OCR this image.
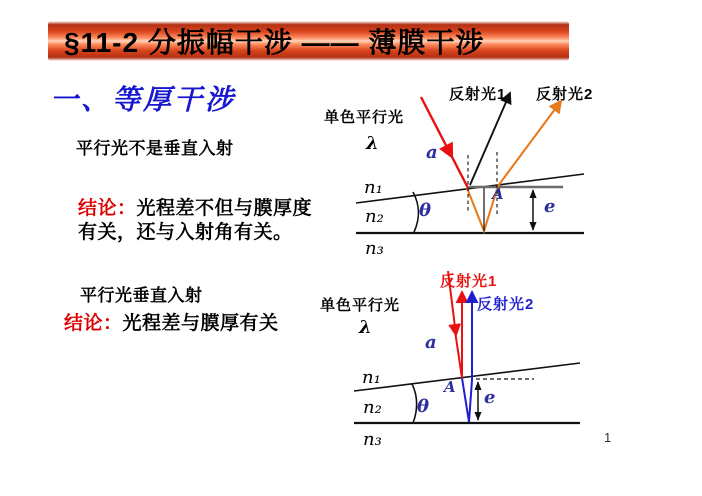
§11-2 分振幅干涉 —— 薄膜干涉
一、等厚干涉
平行光不是垂直入射
结论：光程差不但与膜厚度
有关，还与入射角有关。
平行光垂直入射
结论：光程差与膜厚有关
1
单色平行光
λ	a
反射光1 反射光2
n₁
n₂
n₃
θ
A
e
单色平行光
λ
a
反射光1
反射光2
n₁
n₂
n₃
θ
A e
